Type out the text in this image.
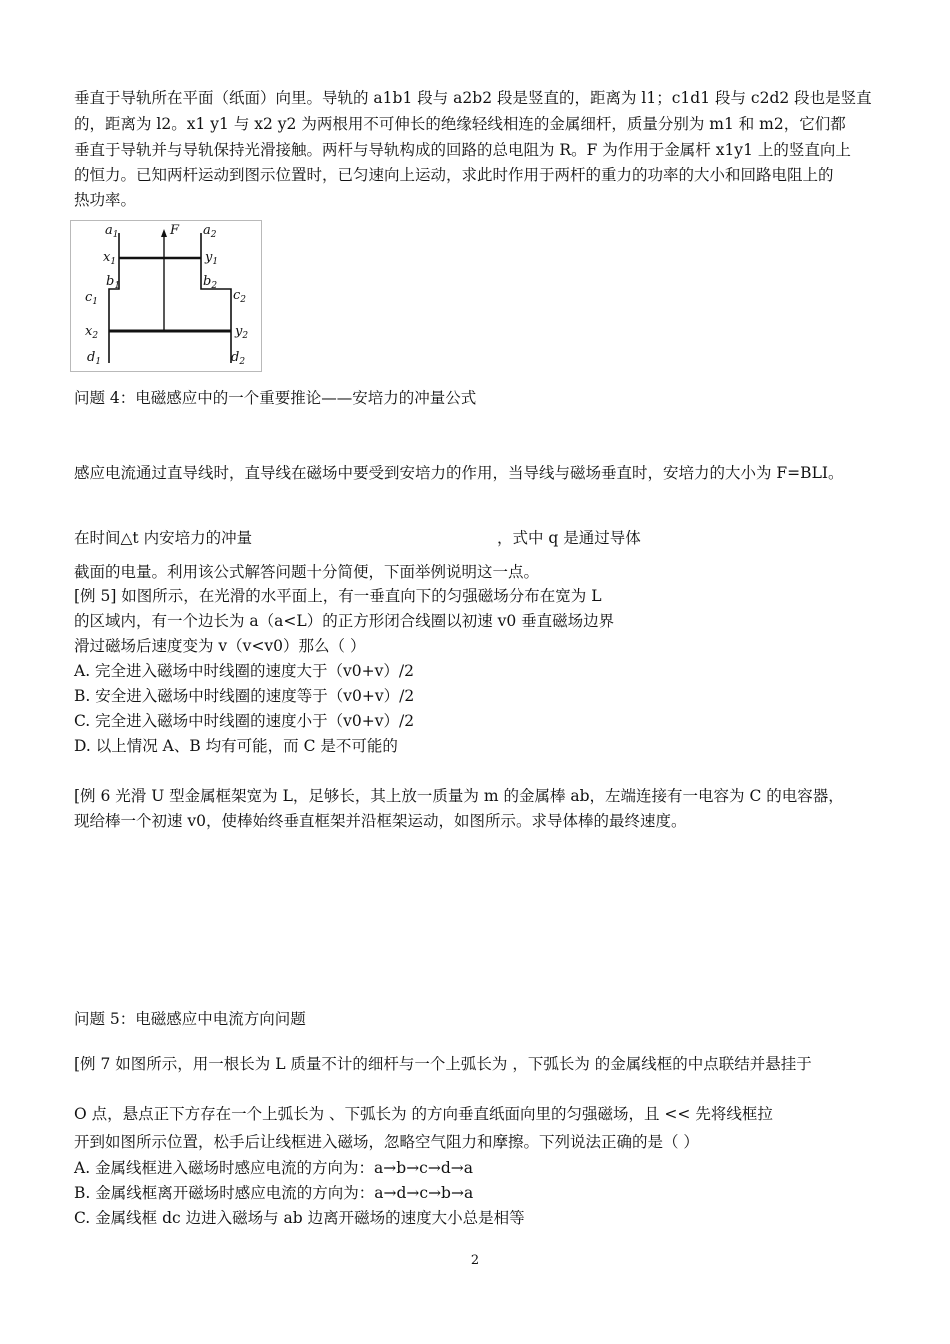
垂直于导轨所在平面（纸面）向里。导轨的 a1b1 段与 a2b2 段是竖直的，距离为 l1；c1d1 段与 c2d2 段也是竖直
的，距离为 l2。x1 y1 与 x2 y2 为两根用不可伸长的绝缘轻线相连的金属细杆，质量分别为 m1 和 m2，它们都
垂直于导轨并与导轨保持光滑接触。两杆与导轨构成的回路的总电阻为 R。F 为作用于金属杆 x1y1 上的竖直向上
的恒力。已知两杆运动到图示位置时，已匀速向上运动，求此时作用于两杆的重力的功率的大小和回路电阻上的
热功率。
$a_1$	$a_2$
F
$x_1$	$y_1$
$b_1$	$b_2$
$c_1$	$c_2$
$x_2$	$y_2$
$d_1$	$d_2$
问题 4：电磁感应中的一个重要推论——安培力的冲量公式
感应电流通过直导线时，直导线在磁场中要受到安培力的作用，当导线与磁场垂直时，安培力的大小为 F=BLI。
在时间△t 内安培力的冲量	，式中 q 是通过导体
截面的电量。利用该公式解答问题十分简便，下面举例说明这一点。
[例 5] 如图所示，在光滑的水平面上，有一垂直向下的匀强磁场分布在宽为 L
的区域内，有一个边长为 a（a<L）的正方形闭合线圈以初速 v0 垂直磁场边界
滑过磁场后速度变为 v（v<v0）那么（ ）
A. 完全进入磁场中时线圈的速度大于（v0+v）/2
B. 安全进入磁场中时线圈的速度等于（v0+v）/2
C. 完全进入磁场中时线圈的速度小于（v0+v）/2
D. 以上情况 A、B 均有可能，而 C 是不可能的
[例 6 光滑 U 型金属框架宽为 L，足够长，其上放一质量为 m 的金属棒 ab，左端连接有一电容为 C 的电容器，
现给棒一个初速 v0，使棒始终垂直框架并沿框架运动，如图所示。求导体棒的最终速度。
问题 5：电磁感应中电流方向问题
[例 7 如图所示，用一根长为 L 质量不计的细杆与一个上弧长为 ，下弧长为 的金属线框的中点联结并悬挂于
O 点，悬点正下方存在一个上弧长为 、下弧长为 的方向垂直纸面向里的匀强磁场，且 << 先将线框拉
开到如图所示位置，松手后让线框进入磁场，忽略空气阻力和摩擦。下列说法正确的是（ ）
A. 金属线框进入磁场时感应电流的方向为：a→b→c→d→a
B. 金属线框离开磁场时感应电流的方向为：a→d→c→b→a
C. 金属线框 dc 边进入磁场与 ab 边离开磁场的速度大小总是相等
2
